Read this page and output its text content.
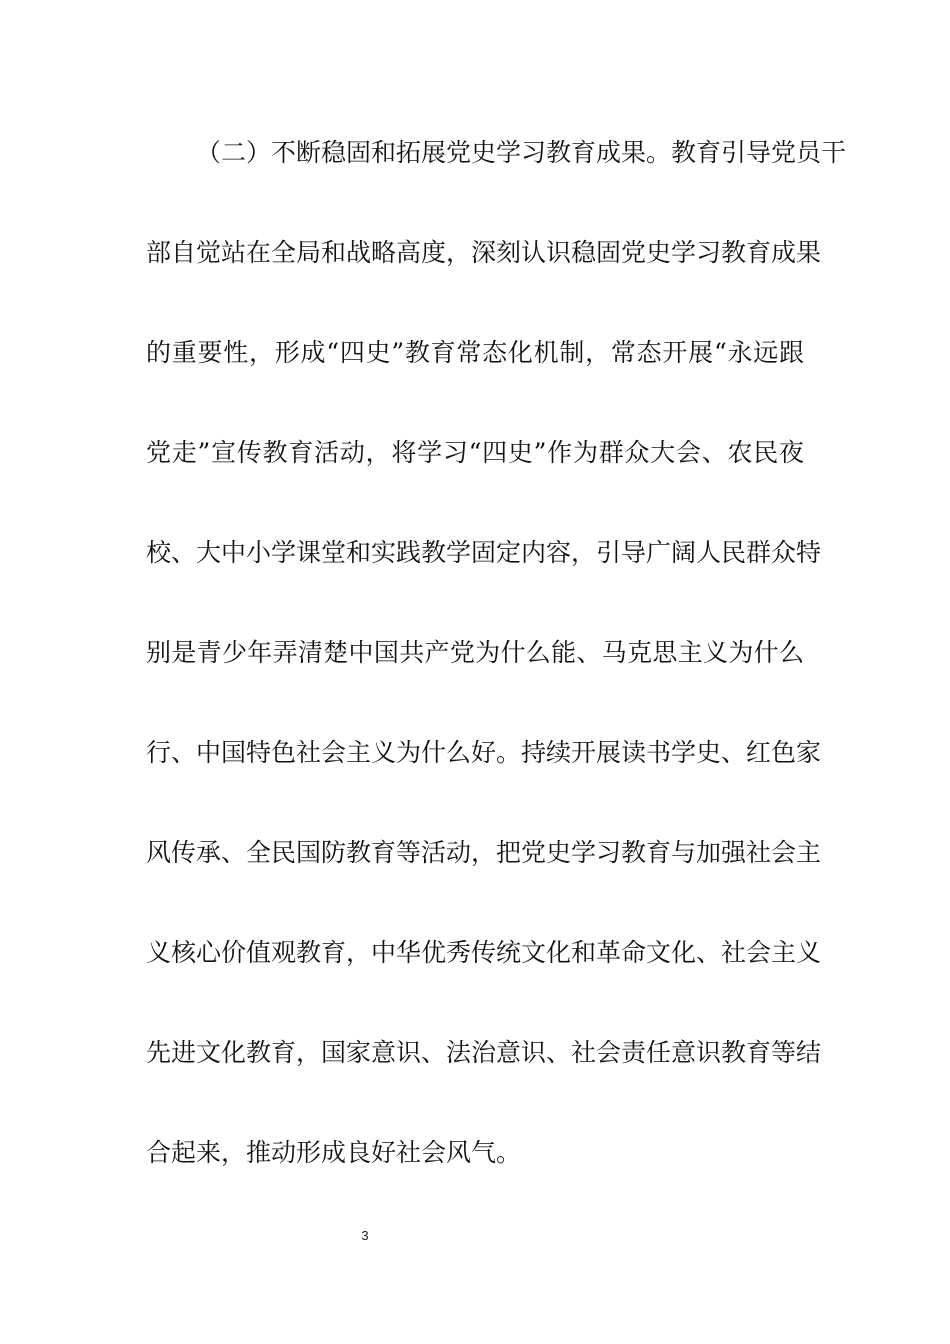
（二）不断稳固和拓展党史学习教育成果。教育引导党员干
部自觉站在全局和战略高度，深刻认识稳固党史学习教育成果
的重要性，形成“四史”教育常态化机制，常态开展“永远跟
党走”宣传教育活动，将学习“四史”作为群众大会、农民夜
校、大中小学课堂和实践教学固定内容，引导广阔人民群众特
别是青少年弄清楚中国共产党为什么能、马克思主义为什么
行、中国特色社会主义为什么好。持续开展读书学史、红色家
风传承、全民国防教育等活动，把党史学习教育与加强社会主
义核心价值观教育，中华优秀传统文化和革命文化、社会主义
先进文化教育，国家意识、法治意识、社会责任意识教育等结
合起来，推动形成良好社会风气。
3
